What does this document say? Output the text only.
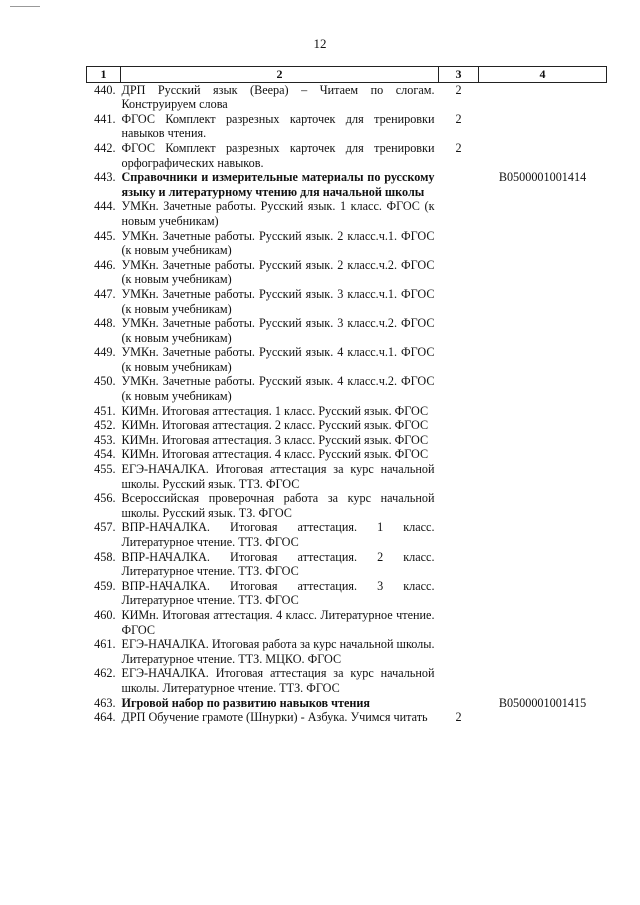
12
1	2	3	4
440.	ДРП Русский язык (Веера) – Читаем по слогам. Конструируем слова	2	
441.	ФГОС Комплект разрезных карточек для тренировки навыков чтения.	2	
442.	ФГОС Комплект разрезных карточек для тренировки орфографических навыков.	2	
443.	Справочники и измерительные материалы по русскому языку и литературному чтению для начальной школы		B0500001001414
444.	УМКн. Зачетные работы. Русский язык. 1 класс. ФГОС (к новым учебникам)		
445.	УМКн. Зачетные работы. Русский язык. 2 класс.ч.1. ФГОС (к новым учебникам)		
446.	УМКн. Зачетные работы. Русский язык. 2 класс.ч.2. ФГОС (к новым учебникам)		
447.	УМКн. Зачетные работы. Русский язык. 3 класс.ч.1. ФГОС (к новым учебникам)		
448.	УМКн. Зачетные работы. Русский язык. 3 класс.ч.2. ФГОС (к новым учебникам)		
449.	УМКн. Зачетные работы. Русский язык. 4 класс.ч.1. ФГОС (к новым учебникам)		
450.	УМКн. Зачетные работы. Русский язык. 4 класс.ч.2. ФГОС (к новым учебникам)		
451.	КИМн. Итоговая аттестация. 1 класс. Русский язык. ФГОС		
452.	КИМн. Итоговая аттестация. 2 класс. Русский язык. ФГОС		
453.	КИМн. Итоговая аттестация. 3 класс. Русский язык. ФГОС		
454.	КИМн. Итоговая аттестация. 4 класс. Русский язык. ФГОС		
455.	ЕГЭ-НАЧАЛКА. Итоговая аттестация за курс начальной школы. Русский язык. ТТЗ. ФГОС		
456.	Всероссийская проверочная работа за курс начальной школы. Русский язык. ТЗ. ФГОС		
457.	ВПР-НАЧАЛКА. Итоговая аттестация. 1 класс. Литературное чтение. ТТЗ. ФГОС		
458.	ВПР-НАЧАЛКА. Итоговая аттестация. 2 класс. Литературное чтение. ТТЗ. ФГОС		
459.	ВПР-НАЧАЛКА. Итоговая аттестация. 3 класс. Литературное чтение. ТТЗ. ФГОС		
460.	КИМн. Итоговая аттестация. 4 класс. Литературное чтение. ФГОС		
461.	ЕГЭ-НАЧАЛКА. Итоговая работа за курс начальной школы. Литературное чтение. ТТЗ. МЦКО. ФГОС		
462.	ЕГЭ-НАЧАЛКА. Итоговая аттестация за курс начальной школы. Литературное чтение. ТТЗ. ФГОС		
463.	Игровой набор по развитию навыков чтения		B0500001001415
464.	ДРП Обучение грамоте (Шнурки) - Азбука. Учимся читать	2	
